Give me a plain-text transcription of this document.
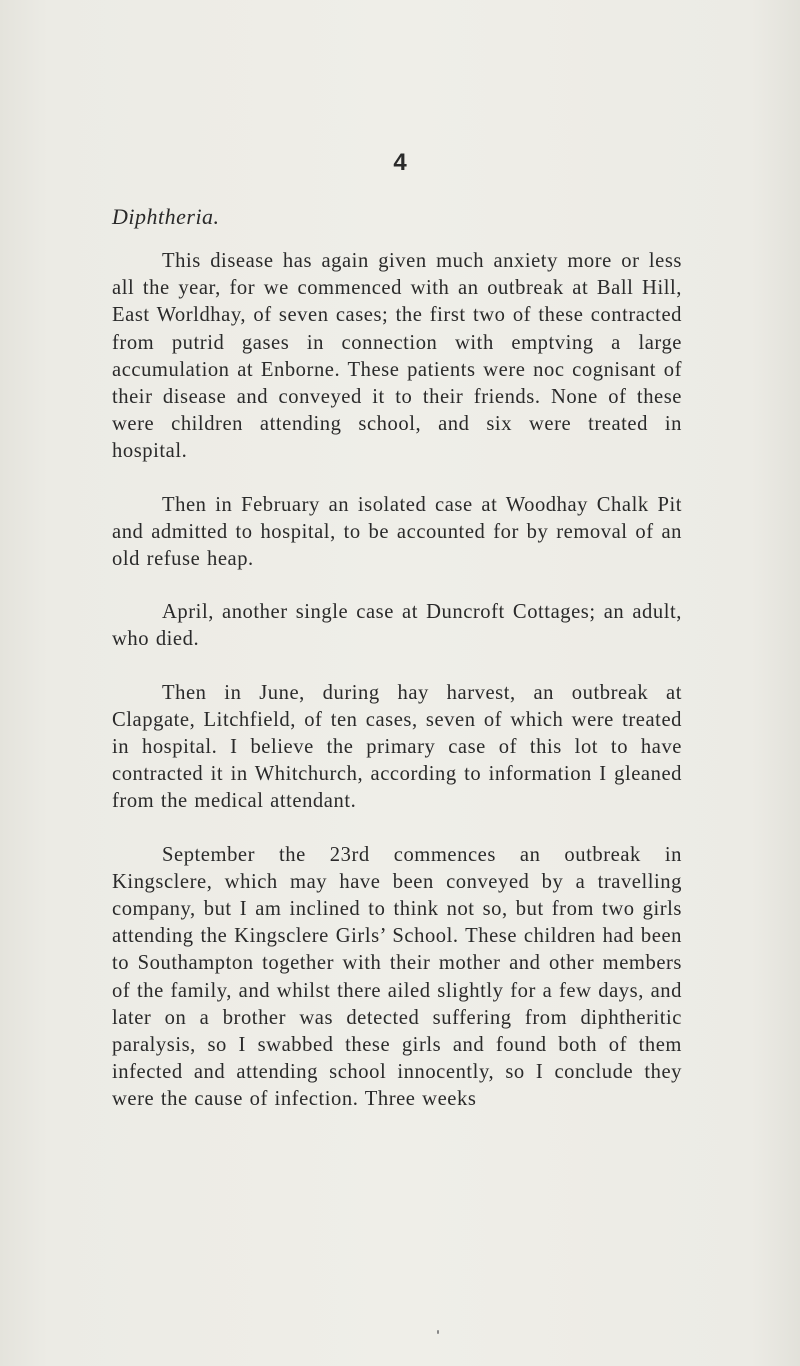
4
Diphtheria.

This disease has again given much anxiety more or less all the year, for we commenced with an outbreak at Ball Hill, East Worldhay, of seven cases; the first two of these contracted from putrid gases in connection with emptving a large accumulation at Enborne. These patients were noc cognisant of their disease and conveyed it to their friends. None of these were children attending school, and six were treated in hospital.

Then in February an isolated case at Woodhay Chalk Pit and admitted to hospital, to be accounted for by removal of an old refuse heap.

April, another single case at Duncroft Cottages; an adult, who died.

Then in June, during hay harvest, an outbreak at Clapgate, Litchfield, of ten cases, seven of which were treated in hospital. I believe the primary case of this lot to have contracted it in Whitchurch, according to information I gleaned from the medical attendant.

September the 23rd commences an outbreak in Kingsclere, which may have been conveyed by a travelling company, but I am inclined to think not so, but from two girls attending the Kingsclere Girls’ School. These children had been to Southampton together with their mother and other members of the family, and whilst there ailed slightly for a few days, and later on a brother was detected suffering from diphtheritic paralysis, so I swabbed these girls and found both of them infected and attending school innocently, so I conclude they were the cause of infection. Three weeks
